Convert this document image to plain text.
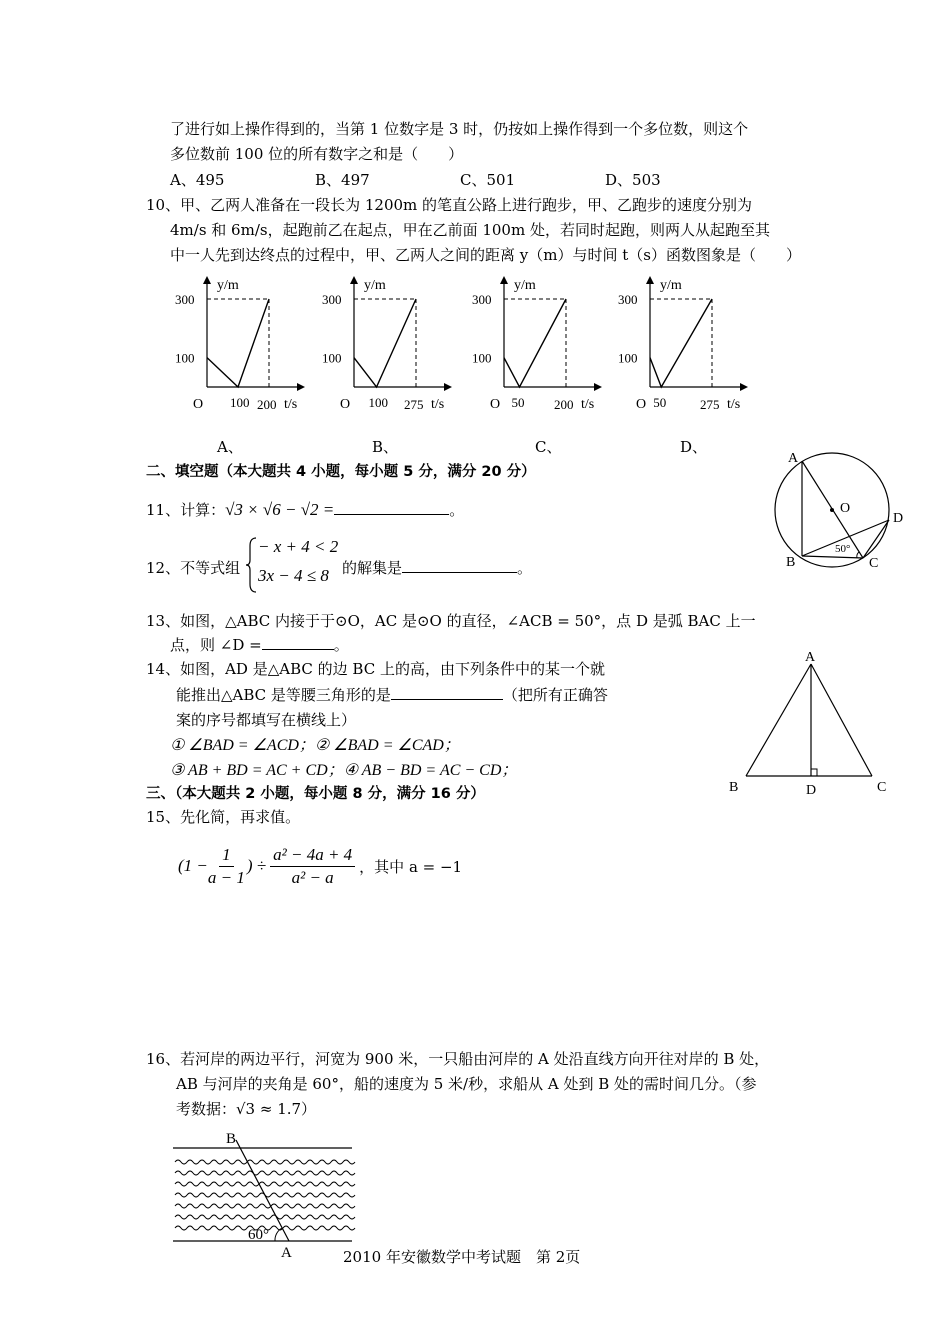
了进行如上操作得到的，当第 1 位数字是 3 时，仍按如上操作得到一个多位数，则这个
多位数前 100 位的所有数字之和是（　　）
A、495	B、497	C、501	D、503
10、甲、乙两人准备在一段长为 1200m 的笔直公路上进行跑步，甲、乙跑步的速度分别为
4m/s 和 6m/s，起跑前乙在起点，甲在乙前面 100m 处，若同时起跑，则两人从起跑至其
中一人先到达终点的过程中，甲、乙两人之间的距离 y（m）与时间 t（s）函数图象是（　　）
y/m
300
100
O 100 200 t/s
y/m
300
100
O 100 275 t/s
y/m
300
100
O 50 200 t/s
y/m
300
100
O 50	275 t/s
A、	B、	C、	D、
二、填空题（本大题共 4 小题，每小题 5 分，满分 20 分）
11、计算：√3 × √6 − √2 =	。
12、不等式组
− x + 4 < 2
3x − 4 ≤ 8 的解集是	。
13、如图，△ABC 内接于于⊙O，AC 是⊙O 的直径，∠ACB = 50°，点 D 是弧 BAC 上一
点，则 ∠D =	。
14、如图，AD 是△ABC 的边 BC 上的高，由下列条件中的某一个就
能推出△ABC 是等腰三角形的是	（把所有正确答
案的序号都填写在横线上）
① ∠BAD = ∠ACD；② ∠BAD = ∠CAD；
③ AB + BD = AC + CD；④ AB − BD = AC − CD；
A
O
D
B	C
50°
A
B	D	C
三、（本大题共 2 小题，每小题 8 分，满分 16 分）
15、先化简，再求值。
($1 - \frac{1}{a - 1}$ ) ÷ $\frac{\text{a² − 4a + 4}}{\text{a² − a}}$ ，其中 a = −1
16、若河岸的两边平行，河宽为 900 米，一只船由河岸的 A 处沿直线方向开往对岸的 B 处，
AB 与河岸的夹角是 60°，船的速度为 5 米/秒，求船从 A 处到 B 处的需时间几分。（参
考数据：√3 ≈ 1.7）
B
A
60°
2010 年安徽数学中考试题　第 2页
